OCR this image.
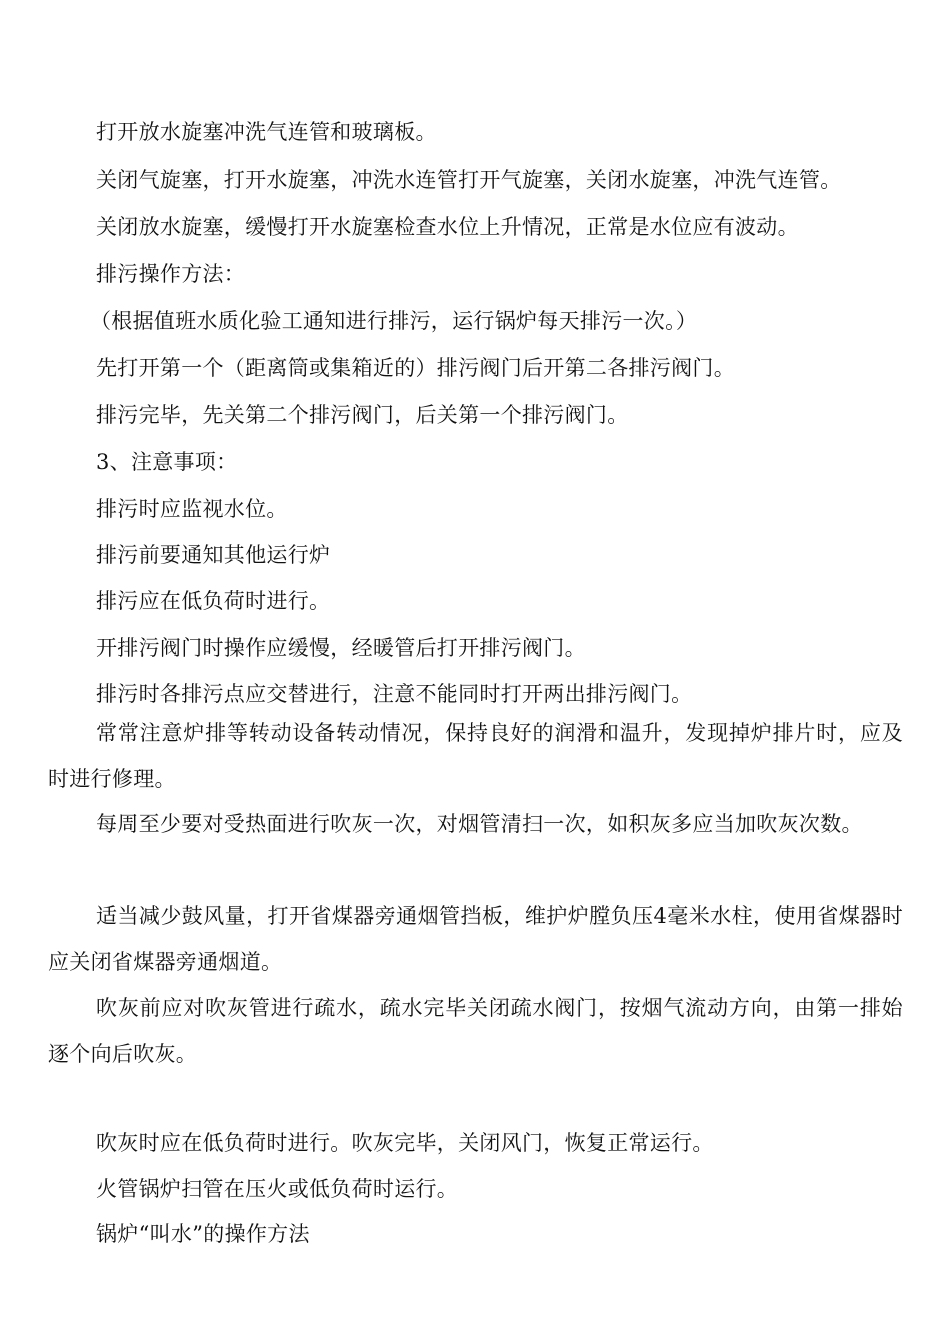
打开放水旋塞冲洗气连管和玻璃板。
关闭气旋塞，打开水旋塞，冲洗水连管打开气旋塞，关闭水旋塞，冲洗气连管。
关闭放水旋塞，缓慢打开水旋塞检查水位上升情况，正常是水位应有波动。
排污操作方法：
（根据值班水质化验工通知进行排污，运行锅炉每天排污一次。）
先打开第一个（距离筒或集箱近的）排污阀门后开第二各排污阀门。
排污完毕，先关第二个排污阀门，后关第一个排污阀门。
3、注意事项：
排污时应监视水位。
排污前要通知其他运行炉
排污应在低负荷时进行。
开排污阀门时操作应缓慢，经暖管后打开排污阀门。
排污时各排污点应交替进行，注意不能同时打开两出排污阀门。
常常注意炉排等转动设备转动情况，保持良好的润滑和温升，发现掉炉排片时，应及时进行修理。
每周至少要对受热面进行吹灰一次，对烟管清扫一次，如积灰多应当加吹灰次数。
适当减少鼓风量，打开省煤器旁通烟管挡板，维护炉膛负压4毫米水柱，使用省煤器时应关闭省煤器旁通烟道。
吹灰前应对吹灰管进行疏水，疏水完毕关闭疏水阀门，按烟气流动方向，由第一排始逐个向后吹灰。
吹灰时应在低负荷时进行。吹灰完毕，关闭风门，恢复正常运行。
火管锅炉扫管在压火或低负荷时运行。
锅炉“叫水”的操作方法
